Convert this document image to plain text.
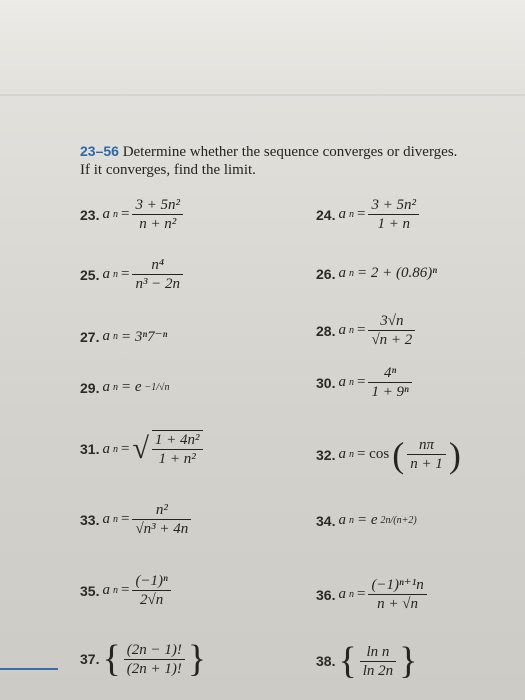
23–56 Determine whether the sequence converges or diverges.
If it converges, find the limit.
23. a $n = \frac{\text{3 + 5n²}}{\text{n + n²}}$	24. a $n = \frac{\text{3 + 5n²}}{1 + n}$
25. a $n = \frac{\text{n⁴}}{\text{n³ − 2n}}$	26. a n = 2 + (0.86)ⁿ
27. a n = 3ⁿ7⁻ⁿ	28. a $n = \frac{3√n}{√n + 2}$
29. a n = e −1/√n	30. a $n = \frac{\text{4ⁿ}}{\text{1 + 9ⁿ}}$
31. a n = √ $\frac{\text{1 + 4n²}}{\text{1 + n²}}$	32. a n = cos ( $\frac{n\pi}{n + 1}$ )
33. a $n = \frac{\text{n²}}{\text{√n³ + 4n}}$	34. a n = e 2n/(n+2)
35. a $n = \frac{\text{(−1)ⁿ}}{2√n}$	36. a $n = \frac{\text{(−1)ⁿ⁺¹n}}{n + √n}$
37. { $\frac{(2n - 1)!}{(2n + 1)!}$ }	38. { $\frac{\text{ln n}}{\ln 2n}$ }
